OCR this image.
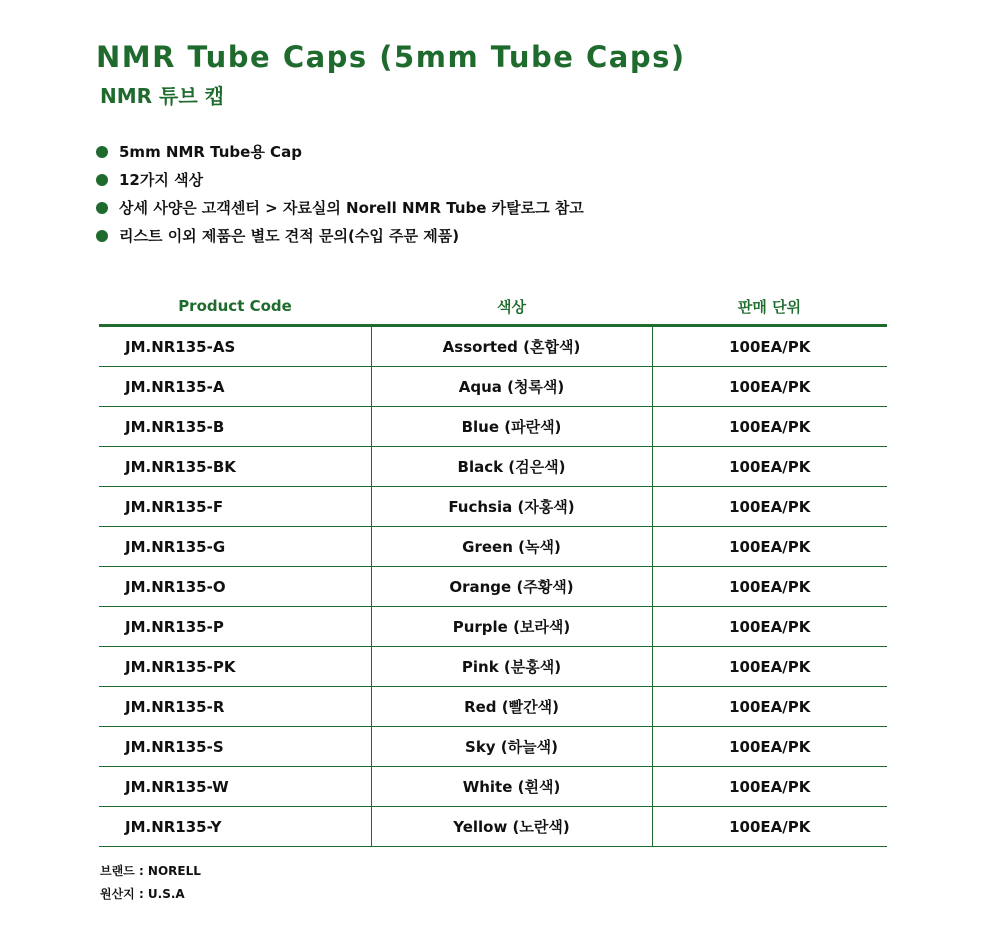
NMR Tube Caps (5mm Tube Caps)
NMR 튜브 캡
5mm NMR Tube용 Cap
12가지 색상
상세 사양은 고객센터 > 자료실의 Norell NMR Tube 카탈로그 참고
리스트 이외 제품은 별도 견적 문의(수입 주문 제품)
Product Code	색상	판매 단위
JM.NR135-AS	Assorted (혼합색)	100EA/PK
JM.NR135-A	Aqua (청록색)	100EA/PK
JM.NR135-B	Blue (파란색)	100EA/PK
JM.NR135-BK	Black (검은색)	100EA/PK
JM.NR135-F	Fuchsia (자홍색)	100EA/PK
JM.NR135-G	Green (녹색)	100EA/PK
JM.NR135-O	Orange (주황색)	100EA/PK
JM.NR135-P	Purple (보라색)	100EA/PK
JM.NR135-PK	Pink (분홍색)	100EA/PK
JM.NR135-R	Red (빨간색)	100EA/PK
JM.NR135-S	Sky (하늘색)	100EA/PK
JM.NR135-W	White (흰색)	100EA/PK
JM.NR135-Y	Yellow (노란색)	100EA/PK
브랜드 : NORELL
원산지 : U.S.A
